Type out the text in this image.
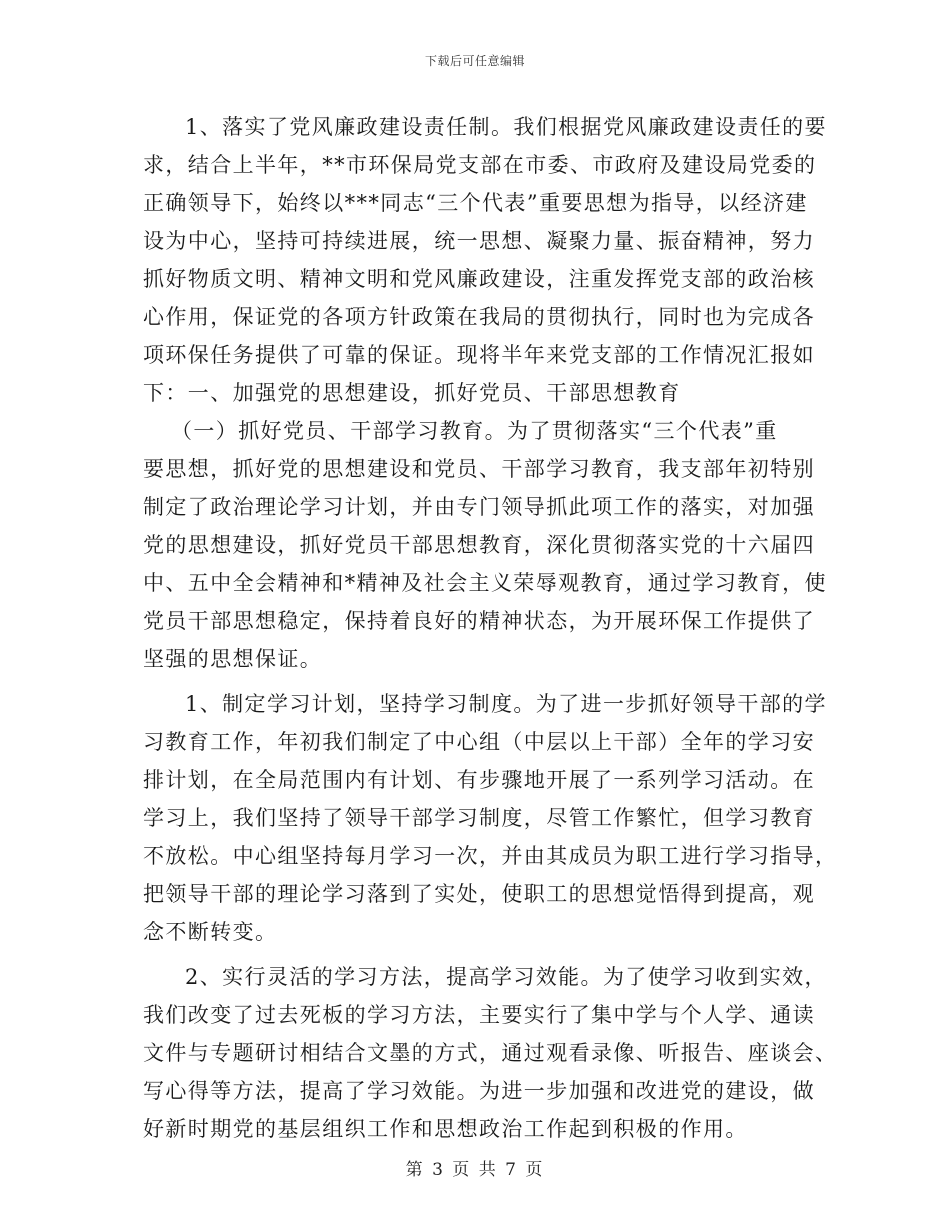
下载后可任意编辑
1、落实了党风廉政建设责任制。我们根据党风廉政建设责任的要
求，结合上半年，**市环保局党支部在市委、市政府及建设局党委的
正确领导下，始终以***同志“三个代表”重要思想为指导，以经济建
设为中心，坚持可持续进展，统一思想、凝聚力量、振奋精神，努力
抓好物质文明、精神文明和党风廉政建设，注重发挥党支部的政治核
心作用，保证党的各项方针政策在我局的贯彻执行，同时也为完成各
项环保任务提供了可靠的保证。现将半年来党支部的工作情况汇报如
下：一、加强党的思想建设，抓好党员、干部思想教育
（一）抓好党员、干部学习教育。为了贯彻落实“三个代表”重
要思想，抓好党的思想建设和党员、干部学习教育，我支部年初特别
制定了政治理论学习计划，并由专门领导抓此项工作的落实，对加强
党的思想建设，抓好党员干部思想教育，深化贯彻落实党的十六届四
中、五中全会精神和*精神及社会主义荣辱观教育，通过学习教育，使
党员干部思想稳定，保持着良好的精神状态，为开展环保工作提供了
坚强的思想保证。
1、制定学习计划，坚持学习制度。为了进一步抓好领导干部的学
习教育工作，年初我们制定了中心组（中层以上干部）全年的学习安
排计划，在全局范围内有计划、有步骤地开展了一系列学习活动。在
学习上，我们坚持了领导干部学习制度，尽管工作繁忙，但学习教育
不放松。中心组坚持每月学习一次，并由其成员为职工进行学习指导，
把领导干部的理论学习落到了实处，使职工的思想觉悟得到提高，观
念不断转变。
2、实行灵活的学习方法，提高学习效能。为了使学习收到实效，
我们改变了过去死板的学习方法，主要实行了集中学与个人学、通读
文件与专题研讨相结合文墨的方式，通过观看录像、听报告、座谈会、
写心得等方法，提高了学习效能。为进一步加强和改进党的建设，做
好新时期党的基层组织工作和思想政治工作起到积极的作用。
第 3 页 共 7 页
